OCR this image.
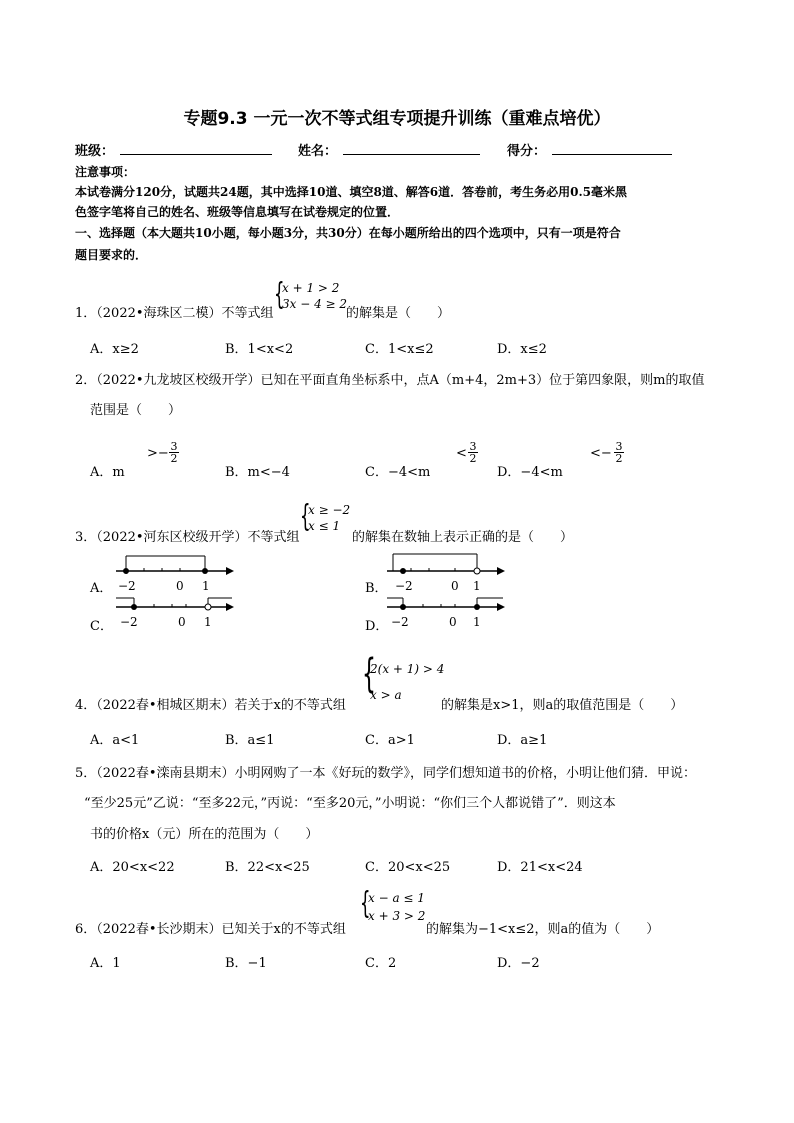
专题9.3 一元一次不等式组专项提升训练（重难点培优）
班级：	姓名：	得分：
注意事项：
本试卷满分120分，试题共24题，其中选择10道、填空8道、解答6道．答卷前，考生务必用0.5毫米黑
色签字笔将自己的姓名、班级等信息填写在试卷规定的位置．
一、选择题（本大题共10小题，每小题3分，共30分）在每小题所给出的四个选项中，只有一项是符合
题目要求的．
1．（2022•海珠区二模）不等式组
{
x + 1 > 2
3x − 4 ≥ 2
的解集是（　　）
A．x≥2	B．1<x<2	C．1<x≤2	D．x≤2
2．（2022•九龙坡区校级开学）已知在平面直角坐标系中，点A（m+4，2m+3）位于第四象限，则m的取值
范围是（　　）
A．m
>− $\frac{3}{2}$
B．m<−4	C．−4<m
< $\frac{3}{2}$
D．−4<m
<− $\frac{3}{2}$
3．（2022•河东区校级开学）不等式组
{
x ≥ −2
x ≤ 1
的解集在数轴上表示正确的是（　　）
A． −2	0 1	B． −2	0 1
C． −2	0 1	D． −2	0 1
4．（2022春•相城区期末）若关于x的不等式组
{
2(x + 1) > 4
x > a
的解集是x>1，则a的取值范围是（　　）
A．a<1	B．a≤1	C．a>1	D．a≥1
5．（2022春•滦南县期末）小明网购了一本《好玩的数学》，同学们想知道书的价格，小明让他们猜．甲说：
“至少25元”乙说：“至多22元，”丙说：“至多20元，”小明说：“你们三个人都说错了”．则这本
书的价格x（元）所在的范围为（　　）
A．20<x<22	B．22<x<25	C．20<x<25	D．21<x<24
6．（2022春•长沙期末）已知关于x的不等式组
{
x − a ≤ 1
x + 3 > 2
的解集为−1<x≤2，则a的值为（　　）
A．1	B．−1	C．2	D．−2
